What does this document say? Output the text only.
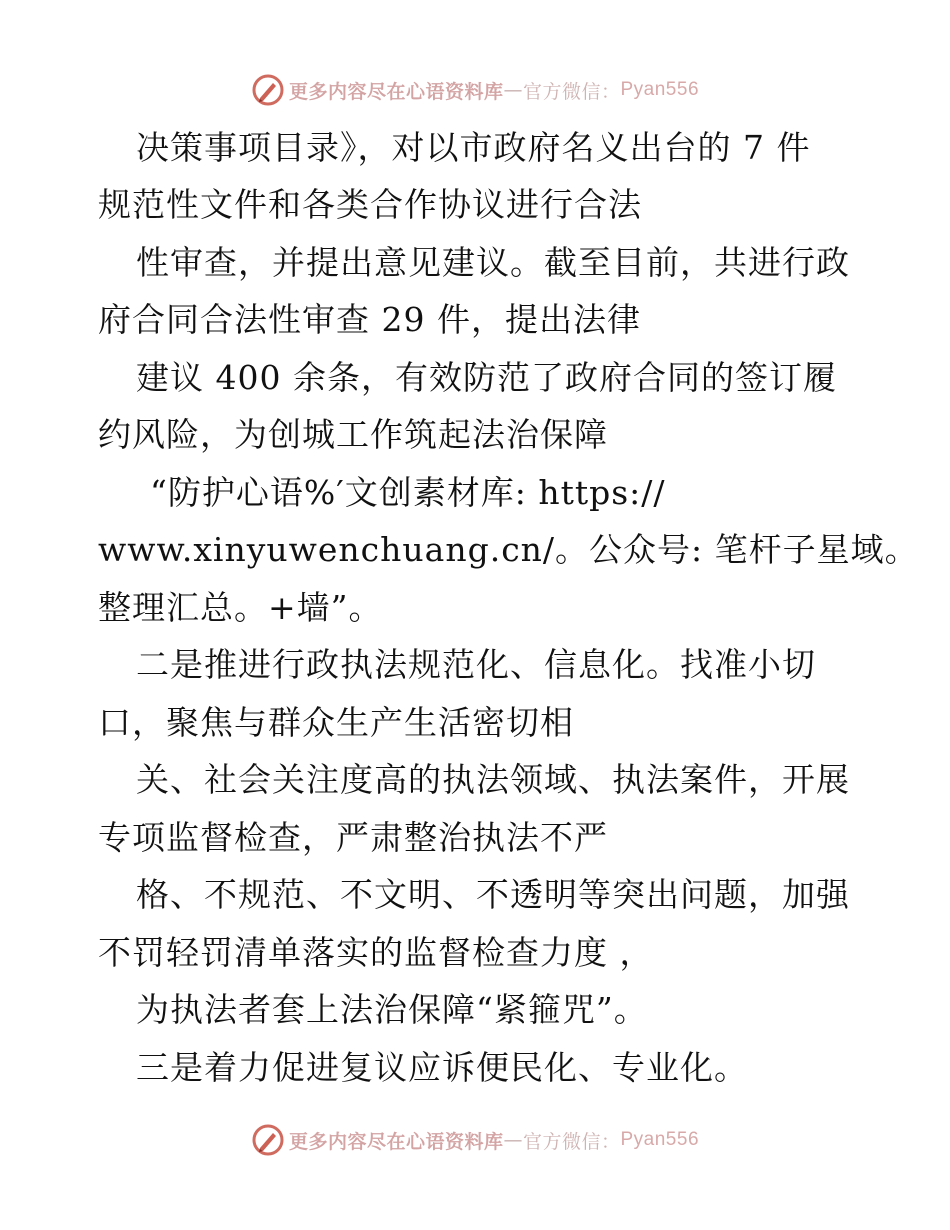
更多内容尽在心语资料库 — 官方微信： Pyan556
决策事项目录》，对以市政府名义出台的 7 件
规范性文件和各类合作协议进行合法
性审查，并提出意见建议。截至目前，共进行政
府合同合法性审查 29 件，提出法律
建议 400 余条，有效防范了政府合同的签订履
约风险，为创城工作筑起法治保障
“防护心语%′文创素材库: https://
www.xinyuwenchuang.cn/。公众号: 笔杆子星域。
整理汇总。+墙”。
二是推进行政执法规范化、信息化。找准小切
口，聚焦与群众生产生活密切相
关、社会关注度高的执法领域、执法案件，开展
专项监督检查，严肃整治执法不严
格、不规范、不文明、不透明等突出问题，加强
不罚轻罚清单落实的监督检查力度 ，
为执法者套上法治保障“紧箍咒”。
三是着力促进复议应诉便民化、专业化。
更多内容尽在心语资料库 — 官方微信： Pyan556
